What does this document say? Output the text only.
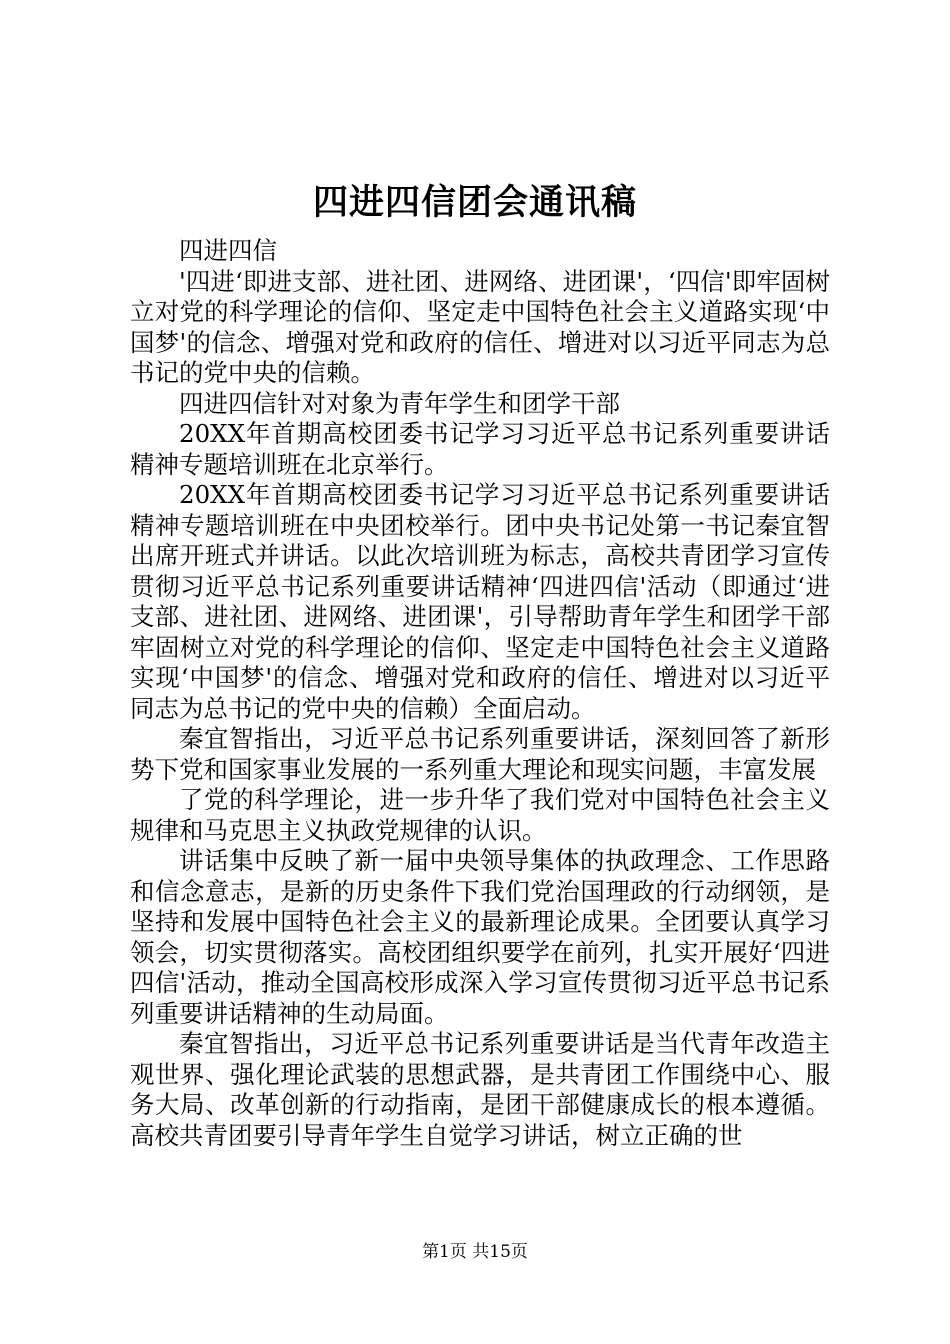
四进四信团会通讯稿

四进四信

'四进‘即进支部、进社团、进网络、进团课'，‘四信'即牢固树立对党的科学理论的信仰、坚定走中国特色社会主义道路实现‘中国梦'的信念、增强对党和政府的信任、增进对以习近平同志为总书记的党中央的信赖。

四进四信针对对象为青年学生和团学干部

20XX年首期高校团委书记学习习近平总书记系列重要讲话精神专题培训班在北京举行。

20XX年首期高校团委书记学习习近平总书记系列重要讲话精神专题培训班在中央团校举行。团中央书记处第一书记秦宜智出席开班式并讲话。以此次培训班为标志，高校共青团学习宣传贯彻习近平总书记系列重要讲话精神‘四进四信'活动（即通过‘进支部、进社团、进网络、进团课'，引导帮助青年学生和团学干部牢固树立对党的科学理论的信仰、坚定走中国特色社会主义道路实现‘中国梦'的信念、增强对党和政府的信任、增进对以习近平同志为总书记的党中央的信赖）全面启动。

秦宜智指出，习近平总书记系列重要讲话，深刻回答了新形势下党和国家事业发展的一系列重大理论和现实问题，丰富发展

了党的科学理论，进一步升华了我们党对中国特色社会主义规律和马克思主义执政党规律的认识。

讲话集中反映了新一届中央领导集体的执政理念、工作思路和信念意志，是新的历史条件下我们党治国理政的行动纲领，是坚持和发展中国特色社会主义的最新理论成果。全团要认真学习领会，切实贯彻落实。高校团组织要学在前列，扎实开展好‘四进四信'活动，推动全国高校形成深入学习宣传贯彻习近平总书记系列重要讲话精神的生动局面。

秦宜智指出，习近平总书记系列重要讲话是当代青年改造主观世界、强化理论武装的思想武器，是共青团工作围绕中心、服务大局、改革创新的行动指南，是团干部健康成长的根本遵循。高校共青团要引导青年学生自觉学习讲话，树立正确的世

第1页 共15页
